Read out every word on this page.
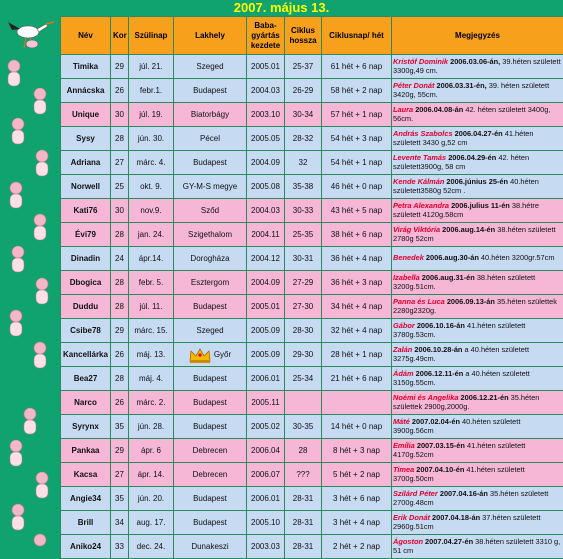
2007. május 13.
Név	Kor	Szülinap	Lakhely	Baba-gyártás kezdete	Ciklus hossza	Ciklusnap/ hét	Megjegyzés
Timika	29	júl. 21.	Szeged	2005.01	25-37	61 hét + 6 nap	Kristóf Dominik 2006.03.06-án, 39.héten született 3300g,49 cm.
Annácska	26	febr.1.	Budapest	2004.03	26-29	58 hét + 2 nap	Péter Donát 2006.03.31-én, 39. héten született 3420g, 55cm.
Unique	30	júl. 19.	Biatorbágy	2003.10	30-34	57 hét + 1 nap	Laura 2006.04.08-án 42. héten született 3400g, 56cm.
Sysy	28	jún. 30.	Pécel	2005.05	28-32	54 hét + 3 nap	András Szabolcs 2006.04.27-én 41.héten született 3430 g,52 cm
Adriana	27	márc. 4.	Budapest	2004.09	32	54 hét + 1 nap	Levente Tamás 2006.04.29-én 42. héten született3900g, 58 cm
Norwell	25	okt. 9.	GY-M-S megye	2005.08	35-38	46 hét + 0 nap	Kende Kálmán 2006.június 25-én 40.héten született3580g 52cm .
Kati76	30	nov.9.	Sződ	2004.03	30-33	43 hét + 5 nap	Petra Alexandra 2006.julius 11-én 38.hétre született 4120g.58cm
Évi79	28	jan. 24.	Szigethalom	2004.11	25-35	38 hét + 6 nap	Virág Viktória 2006.aug.14-én 38.héten született 2780g 52cm
Dinadin	24	ápr.14.	Dorogháza	2004.12	30-31	36 hét + 4 nap	Benedek 2006.aug.30-án 40.héten 3200gr.57cm
Dbogica	28	febr. 5.	Esztergom	2004.09	27-29	36 hét + 3 nap	Izabella 2006.aug.31-én 38.héten született 3200g.51cm.
Duddu	28	júl. 11.	Budapest	2005.01	27-30	34 hét + 4 nap	Panna és Luca 2006.09.13-án 35.héten születtek 2280g2320g.
Csibe78	29	márc. 15.	Szeged	2005.09	28-30	32 hét + 4 nap	Gábor 2006.10.16-án 41.héten született 3780g.53cm.
Kancellárka	26	máj. 13.	Győr	2005.09	29-30	28 hét + 1 nap	Zalán 2006.10.28-án a 40.héten született 3275g.49cm.
Bea27	28	máj. 4.	Budapest	2006.01	25-34	21 hét + 6 nap	Ádám 2006.12.11-én a 40.héten született 3150g.55cm.
Narco	26	márc. 2.	Budapest	2005.11			Noémi és Angelika 2006.12.21-én 35.héten születtek 2900g,2000g.
Syrynx	35	jún. 28.	Budapest	2005.02	30-35	14 hét + 0 nap	Máté 2007.02.04-én 40.héten született 3900g.56cm
Pankaa	29	ápr. 6	Debrecen	2006.04	28	8 hét + 3 nap	Emília 2007.03.15-én 41.héten született 4170g.52cm
Kacsa	27	ápr. 14.	Debrecen	2006.07	???	5 hét + 2 nap	Timea 2007.04.10-én 41.héten született 3700g.50cm
Angie34	35	jún. 20.	Budapest	2006.01	28-31	3 hét + 6 nap	Szilárd Péter 2007.04.16-án 35.héten született 2700g.48cm
Brill	34	aug. 17.	Budapest	2005.10	28-31	3 hét + 4 nap	Erik Donát 2007.04.18-án 37.héten született 2960g.51cm
Aniko24	33	dec. 24.	Dunakeszi	2003.03	28-31	2 hét + 2 nap	Ágoston 2007.04.27-én 38.héten született 3310 g, 51 cm
